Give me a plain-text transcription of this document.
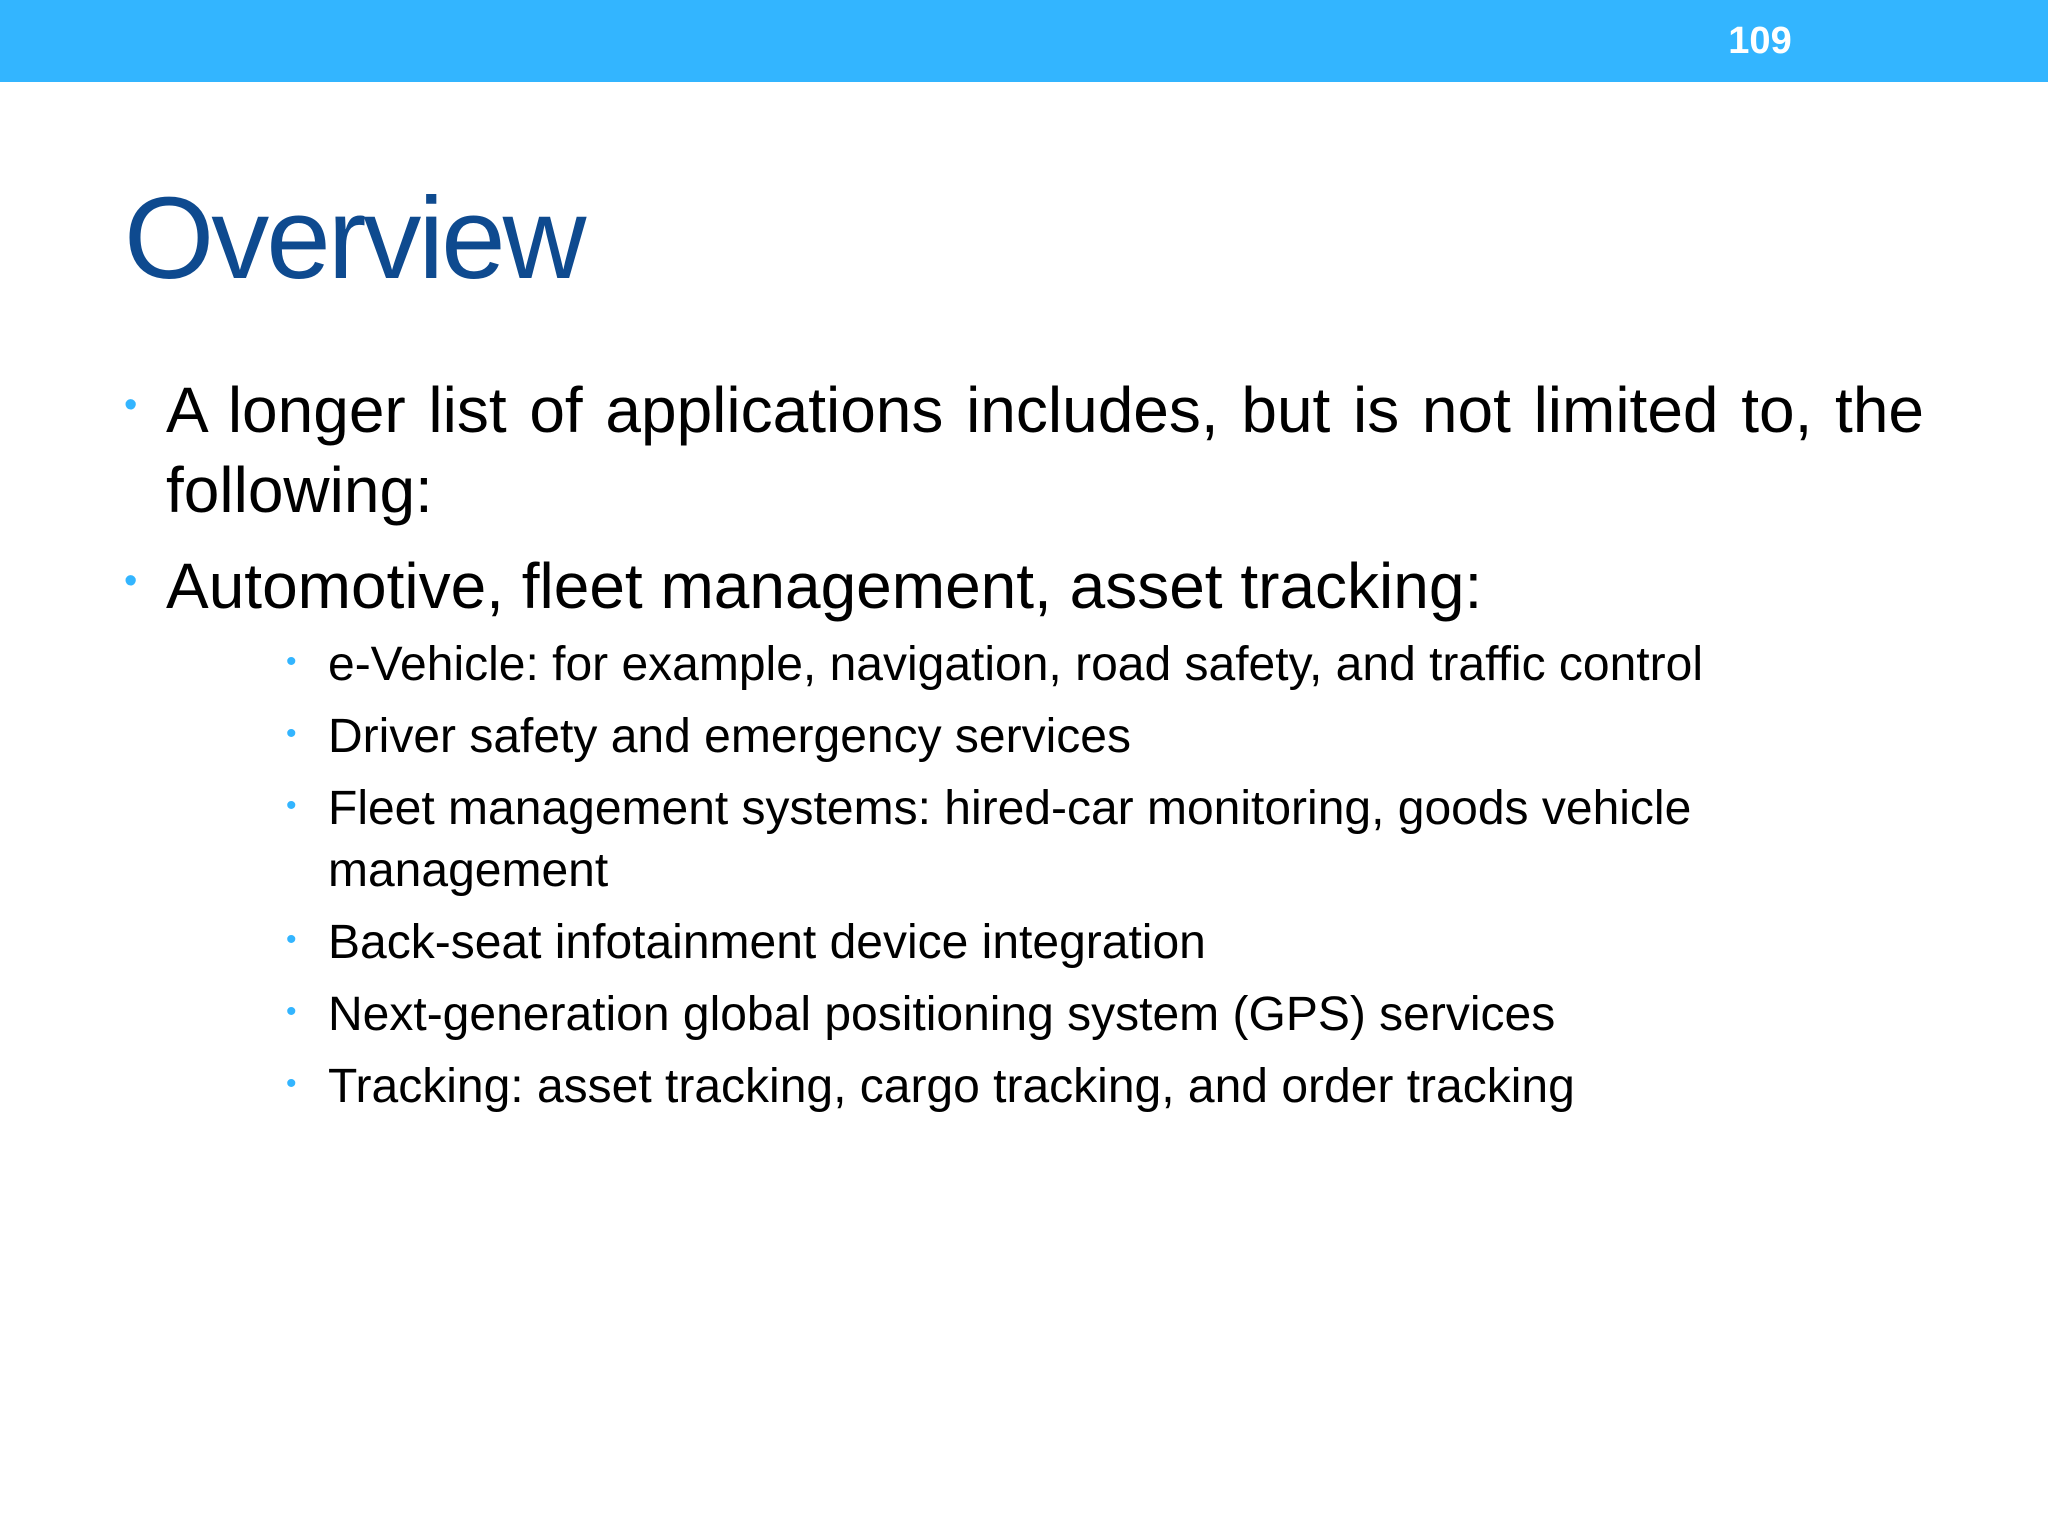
109
Overview
• A longer list of applications includes, but is not limited to, the following:
• Automotive, fleet management, asset tracking:
• e-Vehicle: for example, navigation, road safety, and traffic control
• Driver safety and emergency services
• Fleet management systems: hired-car monitoring, goods vehicle management
• Back-seat infotainment device integration
• Next-generation global positioning system (GPS) services
• Tracking: asset tracking, cargo tracking, and order tracking
